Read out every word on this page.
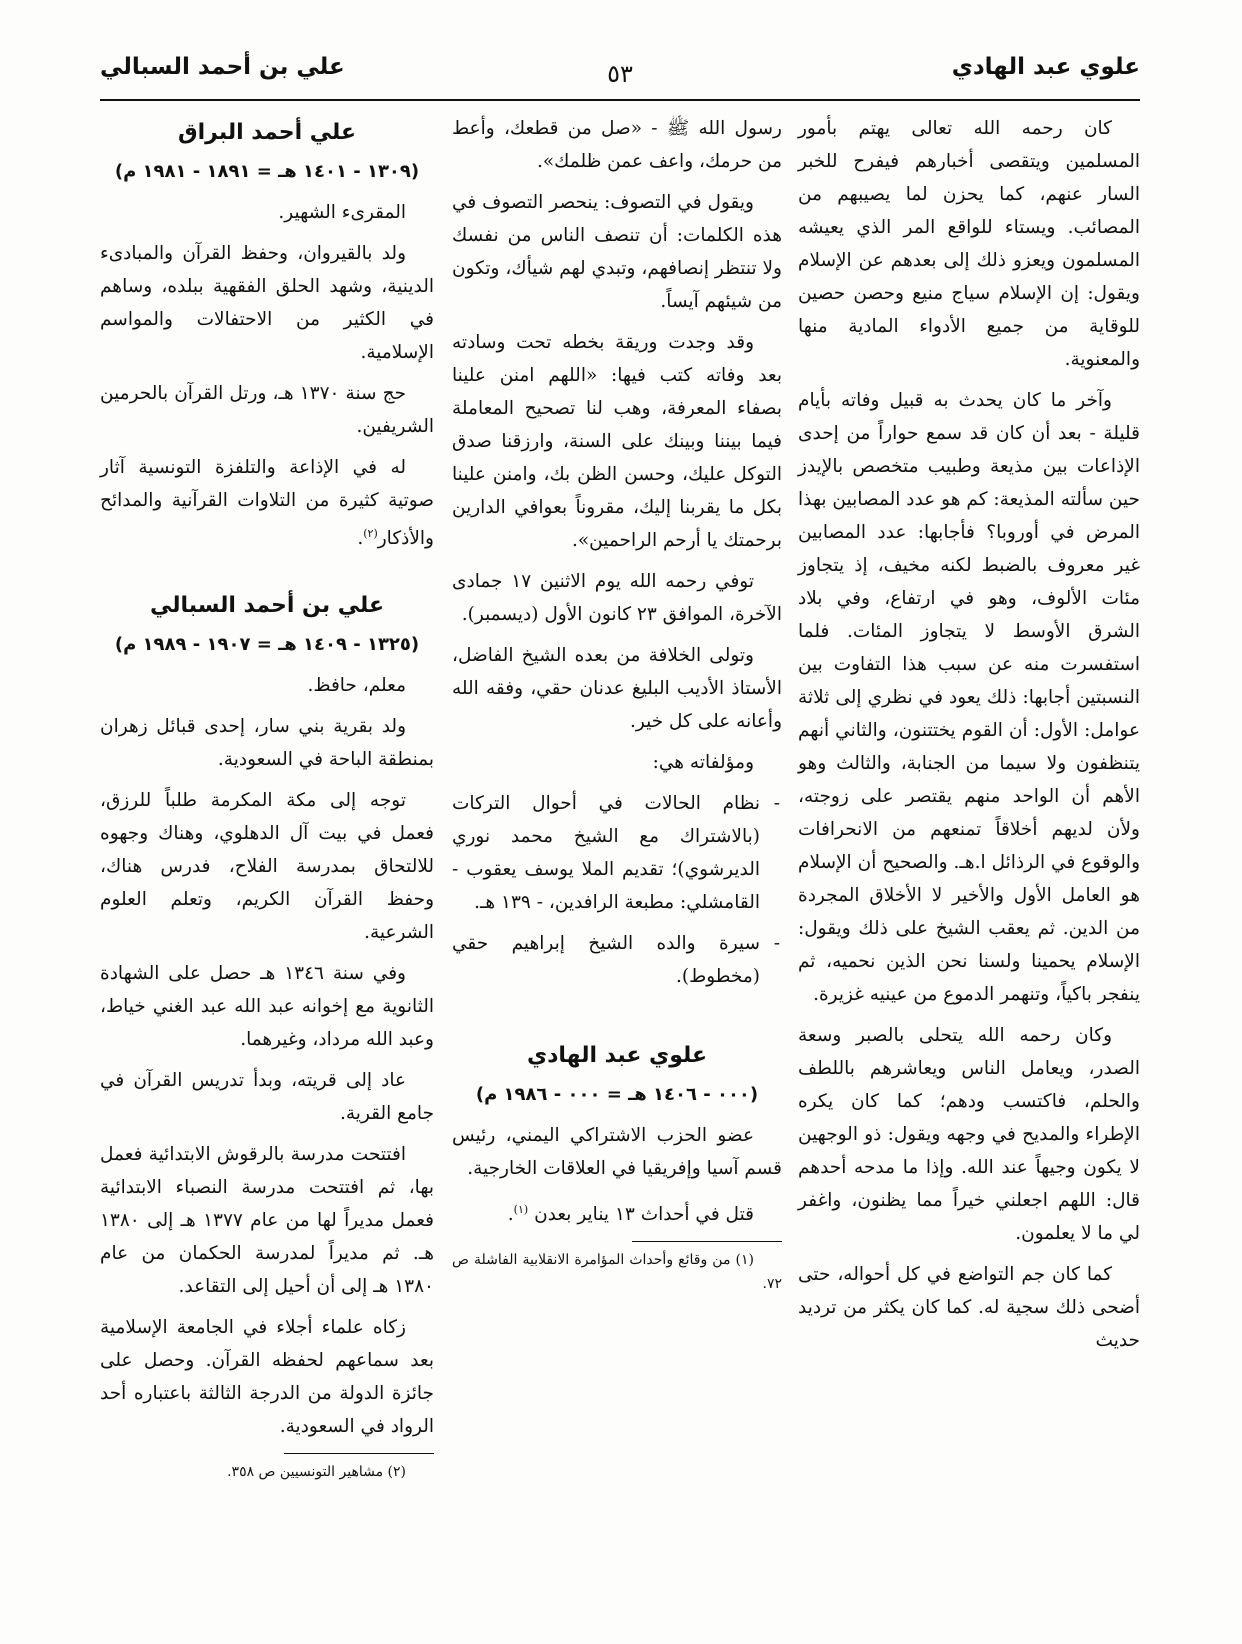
علوي عبد الهادي
٥٣
علي بن أحمد السبالي

كان رحمه الله تعالى يهتم بأمور المسلمين ويتقصى أخبارهم فيفرح للخبر السار عنهم، كما يحزن لما يصيبهم من المصائب. ويستاء للواقع المر الذي يعيشه المسلمون ويعزو ذلك إلى بعدهم عن الإسلام ويقول: إن الإسلام سياج منيع وحصن حصين للوقاية من جميع الأدواء المادية منها والمعنوية.

وآخر ما كان يحدث به قبيل وفاته بأيام قليلة - بعد أن كان قد سمع حواراً من إحدى الإذاعات بين مذيعة وطبيب متخصص بالإيدز حين سألته المذيعة: كم هو عدد المصابين بهذا المرض في أوروبا؟ فأجابها: عدد المصابين غير معروف بالضبط لكنه مخيف، إذ يتجاوز مئات الألوف، وهو في ارتفاع، وفي بلاد الشرق الأوسط لا يتجاوز المئات. فلما استفسرت منه عن سبب هذا التفاوت بين النسبتين أجابها: ذلك يعود في نظري إلى ثلاثة عوامل: الأول: أن القوم يختتنون، والثاني أنهم يتنظفون ولا سيما من الجنابة، والثالث وهو الأهم أن الواحد منهم يقتصر على زوجته، ولأن لديهم أخلاقاً تمنعهم من الانحرافات والوقوع في الرذائل ا.هـ. والصحيح أن الإسلام هو العامل الأول والأخير لا الأخلاق المجردة من الدين. ثم يعقب الشيخ على ذلك ويقول: الإسلام يحمينا ولسنا نحن الذين نحميه، ثم ينفجر باكياً، وتنهمر الدموع من عينيه غزيرة.

وكان رحمه الله يتحلى بالصبر وسعة الصدر، ويعامل الناس ويعاشرهم باللطف والحلم، فاكتسب ودهم؛ كما كان يكره الإطراء والمديح في وجهه ويقول: ذو الوجهين لا يكون وجيهاً عند الله. وإذا ما مدحه أحدهم قال: اللهم اجعلني خيراً مما يظنون، واغفر لي ما لا يعلمون.

كما كان جم التواضع في كل أحواله، حتى أضحى ذلك سجية له. كما كان يكثر من ترديد حديث

رسول الله ﷺ - «صل من قطعك، وأعط من حرمك، واعف عمن ظلمك».

ويقول في التصوف: ينحصر التصوف في هذه الكلمات: أن تنصف الناس من نفسك ولا تنتظر إنصافهم، وتبدي لهم شيأك، وتكون من شيئهم آيساً.

وقد وجدت وريقة بخطه تحت وسادته بعد وفاته كتب فيها: «اللهم امنن علينا بصفاء المعرفة، وهب لنا تصحيح المعاملة فيما بيننا وبينك على السنة، وارزقنا صدق التوكل عليك، وحسن الظن بك، وامنن علينا بكل ما يقربنا إليك، مقروناً بعوافي الدارين برحمتك يا أرحم الراحمين».

توفي رحمه الله يوم الاثنين ١٧ جمادى الآخرة، الموافق ٢٣ كانون الأول (ديسمبر).

وتولى الخلافة من بعده الشيخ الفاضل، الأستاذ الأديب البليغ عدنان حقي، وفقه الله وأعانه على كل خير.

ومؤلفاته هي:

- نظام الحالات في أحوال التركات (بالاشتراك مع الشيخ محمد نوري الديرشوي)؛ تقديم الملا يوسف يعقوب - القامشلي: مطبعة الرافدين، - ١٣٩ هـ.
- سيرة والده الشيخ إبراهيم حقي (مخطوط).
علوي عبد الهادي
(٠٠٠ - ١٤٠٦ هـ = ٠٠٠ - ١٩٨٦ م)

عضو الحزب الاشتراكي اليمني، رئيس قسم آسيا وإفريقيا في العلاقات الخارجية.

قتل في أحداث ١٣ يناير بعدن $^{(١)}$.

(١) من وقائع وأحداث المؤامرة الانقلابية الفاشلة ص ٧٢.

علي أحمد البراق
(١٣٠٩ - ١٤٠١ هـ = ١٨٩١ - ١٩٨١ م)

المقرىء الشهير.

ولد بالقيروان، وحفظ القرآن والمبادىء الدينية، وشهد الحلق الفقهية ببلده، وساهم في الكثير من الاحتفالات والمواسم الإسلامية.

حج سنة ١٣٧٠ هـ، ورتل القرآن بالحرمين الشريفين.

له في الإذاعة والتلفزة التونسية آثار صوتية كثيرة من التلاوات القرآنية والمدائح والأذكار$^{(٢)}$.

علي بن أحمد السبالي
(١٣٢٥ - ١٤٠٩ هـ = ١٩٠٧ - ١٩٨٩ م)

معلم، حافظ.

ولد بقرية بني سار، إحدى قبائل زهران بمنطقة الباحة في السعودية.

توجه إلى مكة المكرمة طلباً للرزق، فعمل في بيت آل الدهلوي، وهناك وجهوه للالتحاق بمدرسة الفلاح، فدرس هناك، وحفظ القرآن الكريم، وتعلم العلوم الشرعية.

وفي سنة ١٣٤٦ هـ حصل على الشهادة الثانوية مع إخوانه عبد الله عبد الغني خياط، وعبد الله مرداد، وغيرهما.

عاد إلى قريته، وبدأ تدريس القرآن في جامع القرية.

افتتحت مدرسة بالرقوش الابتدائية فعمل بها، ثم افتتحت مدرسة النصباء الابتدائية فعمل مديراً لها من عام ١٣٧٧ هـ إلى ١٣٨٠ هـ. ثم مديراً لمدرسة الحكمان من عام ١٣٨٠ هـ إلى أن أحيل إلى التقاعد.

زكاه علماء أجلاء في الجامعة الإسلامية بعد سماعهم لحفظه القرآن. وحصل على جائزة الدولة من الدرجة الثالثة باعتباره أحد الرواد في السعودية.

(٢) مشاهير التونسيين ص ٣٥٨.
